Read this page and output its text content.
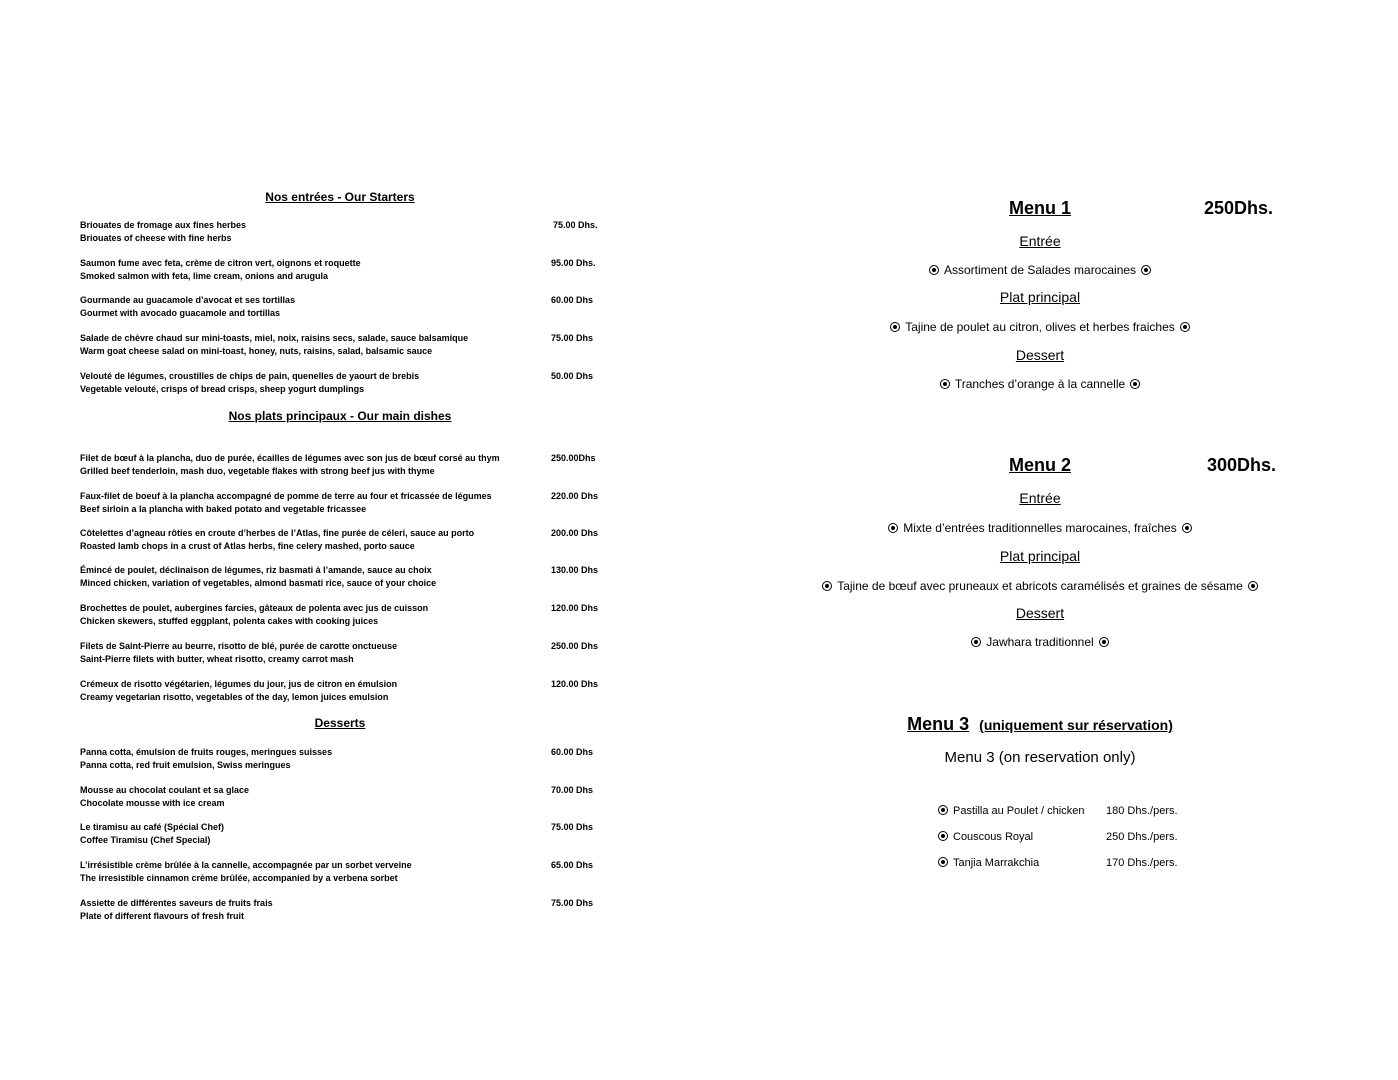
Nos entrées - Our Starters
Briouates de fromage aux fines herbes
Briouates of cheese with fine herbs
75.00 Dhs.
Saumon fume avec feta, crème de citron vert, oignons et roquette
Smoked salmon with feta, lime cream, onions and arugula
95.00 Dhs.
Gourmande au guacamole d’avocat et ses tortillas
Gourmet with avocado guacamole and tortillas
60.00 Dhs
Salade de chèvre chaud sur mini-toasts, miel, noix, raisins secs, salade, sauce balsamique
Warm goat cheese salad on mini-toast, honey, nuts, raisins, salad, balsamic sauce
75.00 Dhs
Velouté de légumes, croustilles de chips de pain, quenelles de yaourt de brebis
Vegetable velouté, crisps of bread crisps, sheep yogurt dumplings
50.00 Dhs
Nos plats principaux - Our main dishes
Filet de bœuf à la plancha, duo de purée, écailles de légumes avec son jus de bœuf corsé au thym
Grilled beef tenderloin, mash duo, vegetable flakes with strong beef jus with thyme
250.00Dhs
Faux-filet de boeuf à la plancha accompagné de pomme de terre au four et fricassée de légumes
Beef sirloin a la plancha with baked potato and vegetable fricassee
220.00 Dhs
Côtelettes d’agneau rôties en croute d’herbes de l’Atlas, fine purée de céleri, sauce au porto
Roasted lamb chops in a crust of Atlas herbs, fine celery mashed, porto sauce
200.00 Dhs
Émincé de poulet, déclinaison de légumes, riz basmati à l’amande, sauce au choix
Minced chicken, variation of vegetables, almond basmati rice, sauce of your choice
130.00 Dhs
Brochettes de poulet, aubergines farcies, gâteaux de polenta avec jus de cuisson
Chicken skewers, stuffed eggplant, polenta cakes with cooking juices
120.00 Dhs
Filets de Saint-Pierre au beurre, risotto de blé, purée de carotte onctueuse
Saint-Pierre filets with butter, wheat risotto, creamy carrot mash
250.00 Dhs
Crémeux de risotto végétarien, légumes du jour, jus de citron en émulsion
Creamy vegetarian risotto, vegetables of the day, lemon juices emulsion
120.00 Dhs
Desserts
Panna cotta, émulsion de fruits rouges, meringues suisses
Panna cotta, red fruit emulsion, Swiss meringues
60.00 Dhs
Mousse au chocolat coulant et sa glace
Chocolate mousse with ice cream
70.00 Dhs
Le tiramisu au café (Spécial Chef)
Coffee Tiramisu (Chef Special)
75.00 Dhs
L’irrésistible crème brûlée à la cannelle, accompagnée par un sorbet verveine
The irresistible cinnamon crème brûlée, accompanied by a verbena sorbet
65.00 Dhs
Assiette de différentes saveurs de fruits frais
Plate of different flavours of fresh fruit
75.00 Dhs
Menu 1	250Dhs.
Entrée
Assortiment de Salades marocaines
Plat principal
Tajine de poulet au citron, olives et herbes fraiches
Dessert
Tranches d’orange à la cannelle
Menu 2	300Dhs.
Entrée
Mixte d’entrées traditionnelles marocaines, fraîches
Plat principal
Tajine de bœuf avec pruneaux et abricots caramélisés et graines de sésame
Dessert
Jawhara traditionnel
Menu 3 (uniquement sur réservation)
Menu 3 (on reservation only)
Pastilla au Poulet / chicken 180 Dhs./pers.
Couscous Royal	250 Dhs./pers.
Tanjia Marrakchia	170 Dhs./pers.
